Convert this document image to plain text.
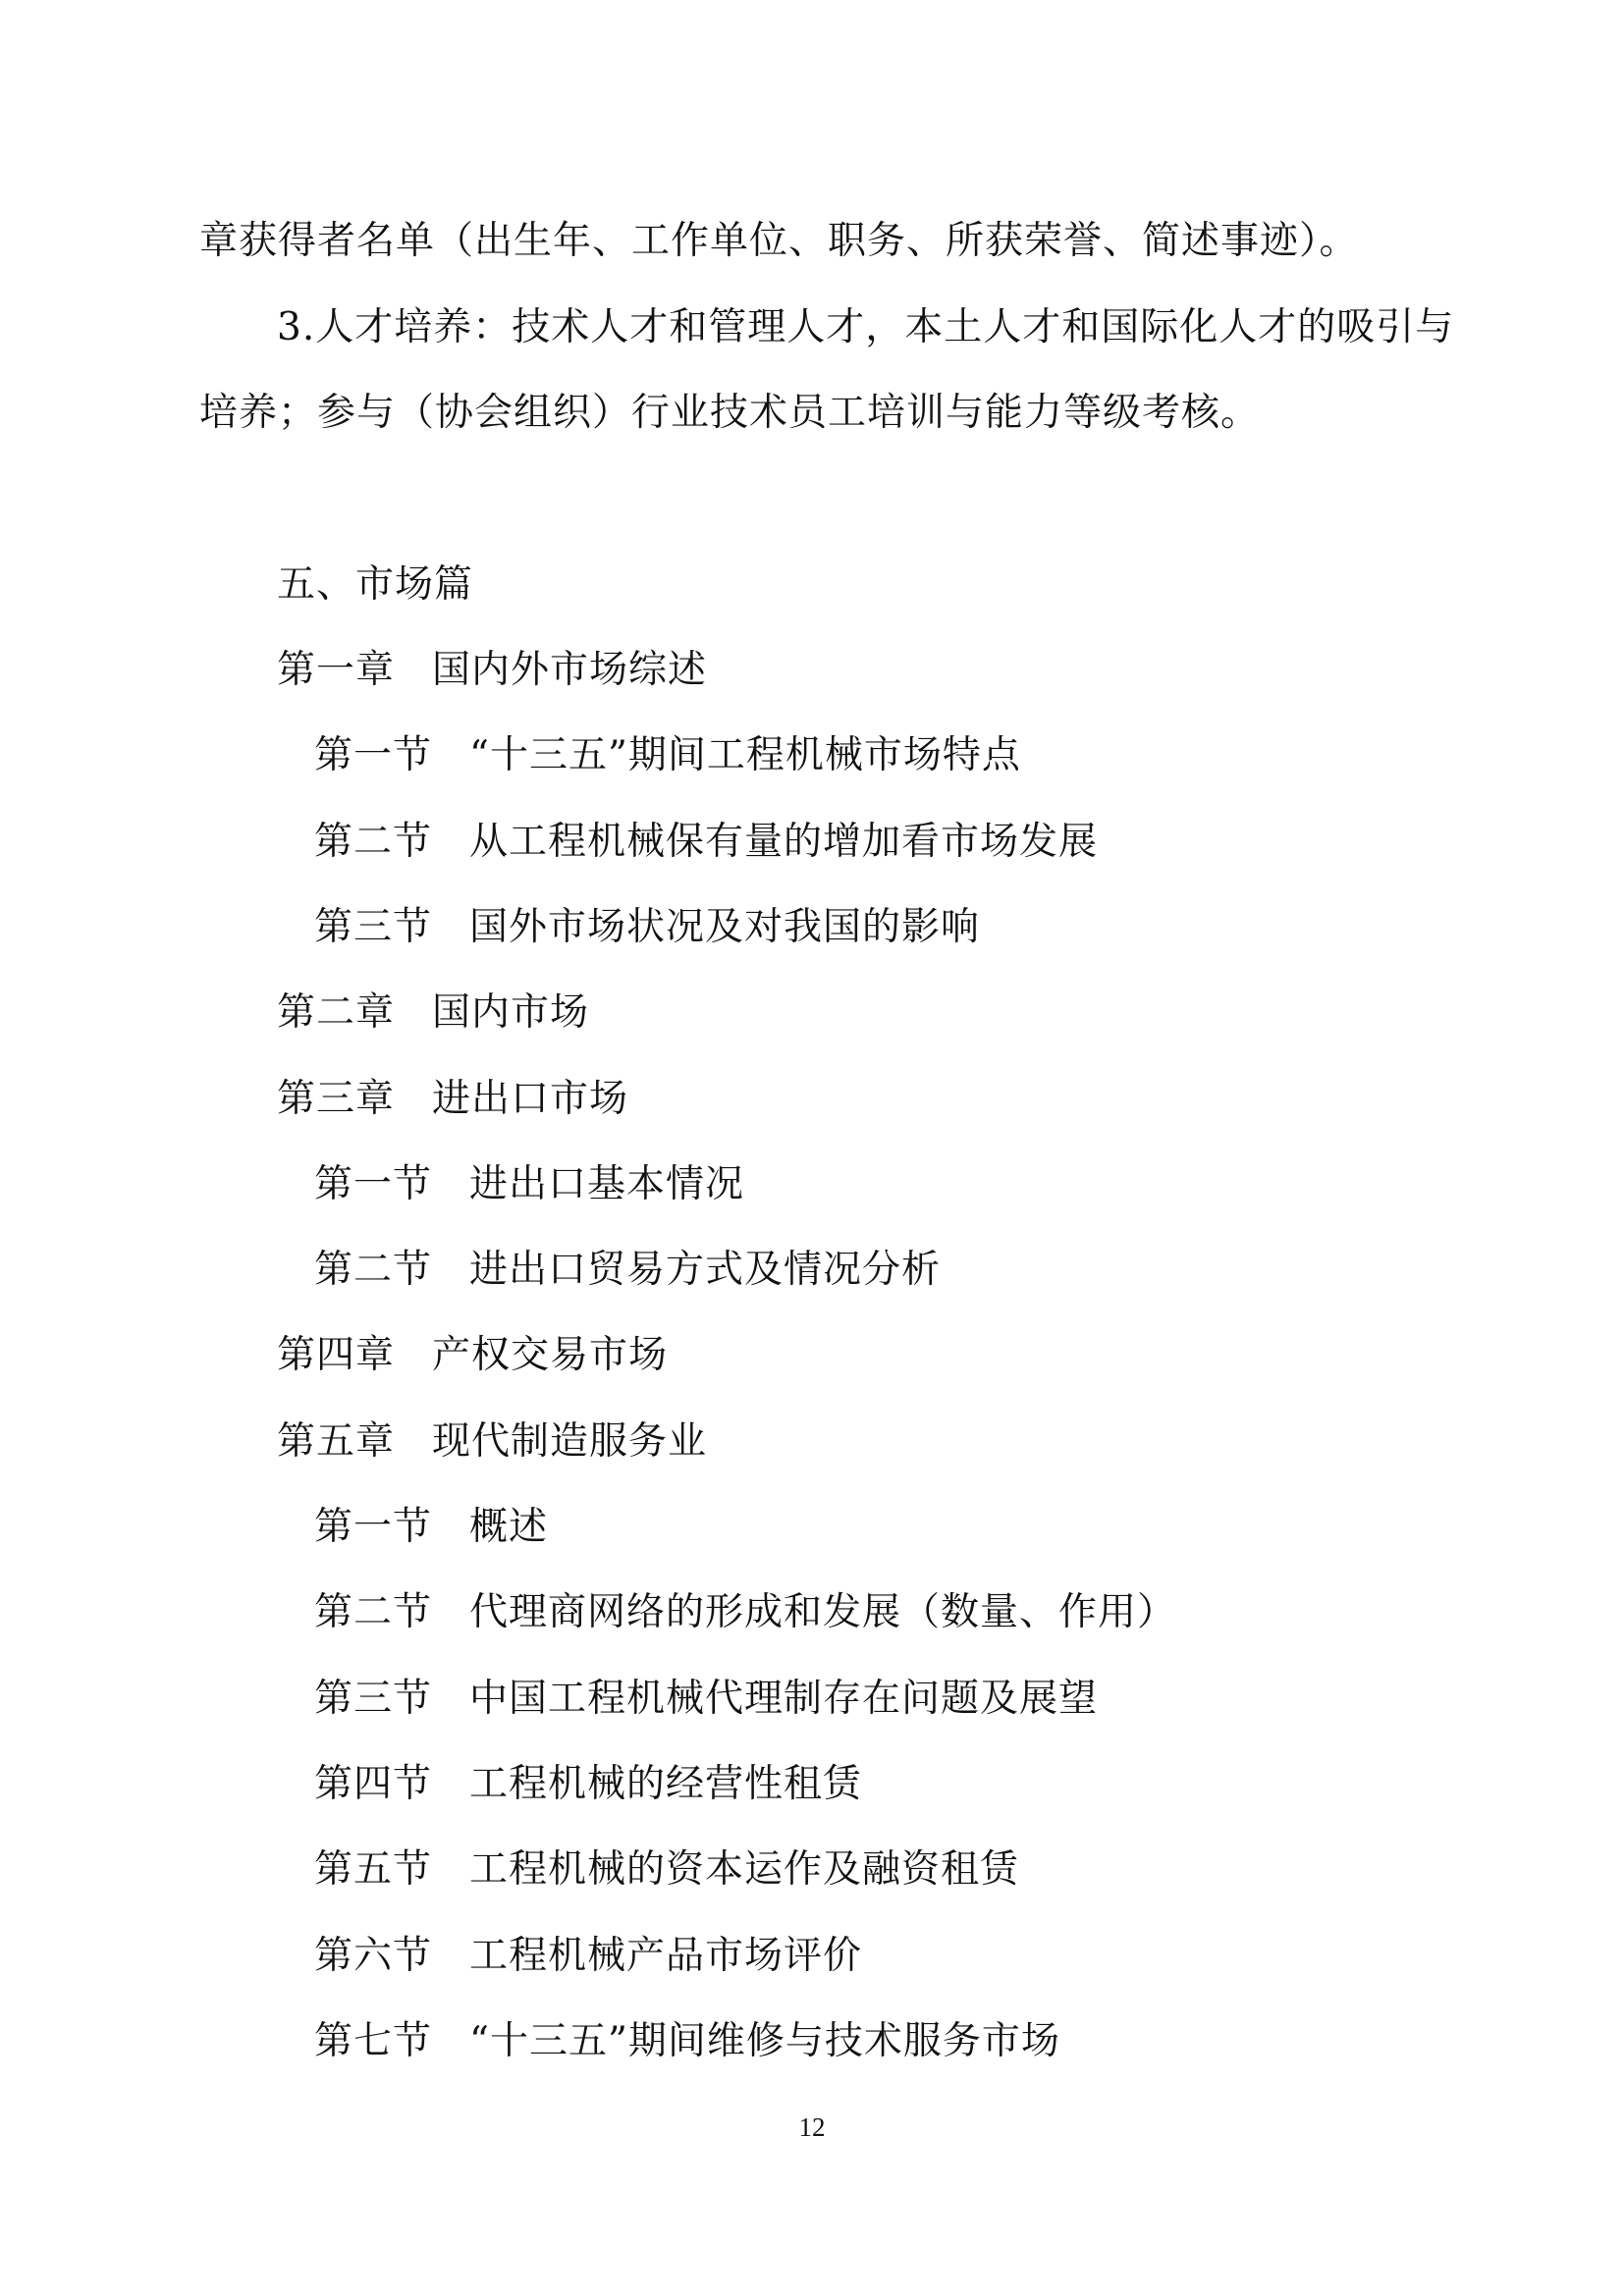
章获得者名单（出生年、工作单位、职务、所获荣誉、简述事迹）。
3.人才培养：技术人才和管理人才，本土人才和国际化人才的吸引与
培养；参与（协会组织）行业技术员工培训与能力等级考核。
五、市场篇
第一章 国内外市场综述
第一节 “十三五”期间工程机械市场特点
第二节 从工程机械保有量的增加看市场发展
第三节 国外市场状况及对我国的影响
第二章 国内市场
第三章 进出口市场
第一节 进出口基本情况
第二节 进出口贸易方式及情况分析
第四章 产权交易市场
第五章 现代制造服务业
第一节 概述
第二节 代理商网络的形成和发展（数量、作用）
第三节 中国工程机械代理制存在问题及展望
第四节 工程机械的经营性租赁
第五节 工程机械的资本运作及融资租赁
第六节 工程机械产品市场评价
第七节 “十三五”期间维修与技术服务市场
12
